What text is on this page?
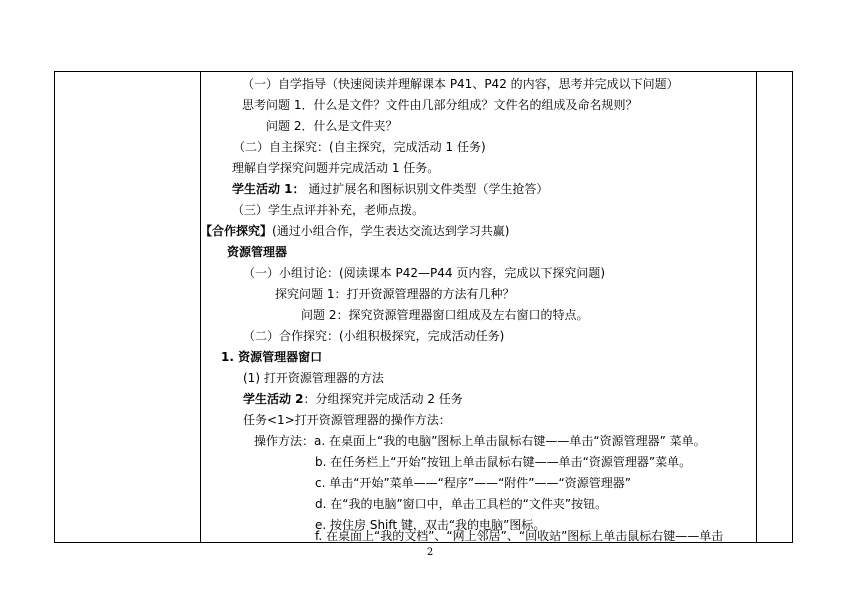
（一）自学指导（快速阅读并理解课本 P41、P42 的内容，思考并完成以下问题）
思考问题 1．什么是文件？文件由几部分组成？文件名的组成及命名规则？
问题 2．什么是文件夹？
（二）自主探究：(自主探究，完成活动 1 任务)
理解自学探究问题并完成活动 1 任务。
学生活动 1： 通过扩展名和图标识别文件类型（学生抢答）
（三）学生点评并补充，老师点拨。
【合作探究】(通过小组合作，学生表达交流达到学习共赢)
资源管理器
（一）小组讨论：(阅读课本 P42—P44 页内容，完成以下探究问题)
探究问题 1：打开资源管理器的方法有几种？
问题 2：探究资源管理器窗口组成及左右窗口的特点。
（二）合作探究：(小组积极探究，完成活动任务)
1. 资源管理器窗口
(1) 打开资源管理器的方法
学生活动 2：分组探究并完成活动 2 任务
任务<1>打开资源管理器的操作方法：
操作方法：a. 在桌面上“我的电脑”图标上单击鼠标右键——单击“资源管理器” 菜单。
b. 在任务栏上“开始”按钮上单击鼠标右键——单击“资源管理器”菜单。
c. 单击“开始”菜单——“程序”——“附件”——“资源管理器”
d. 在“我的电脑”窗口中，单击工具栏的“文件夹”按钮。
e. 按住房 Shift 键，双击“我的电脑”图标。
f. 在桌面上“我的文档”、“网上邻居”、“回收站”图标上单击鼠标右键——单击
2
